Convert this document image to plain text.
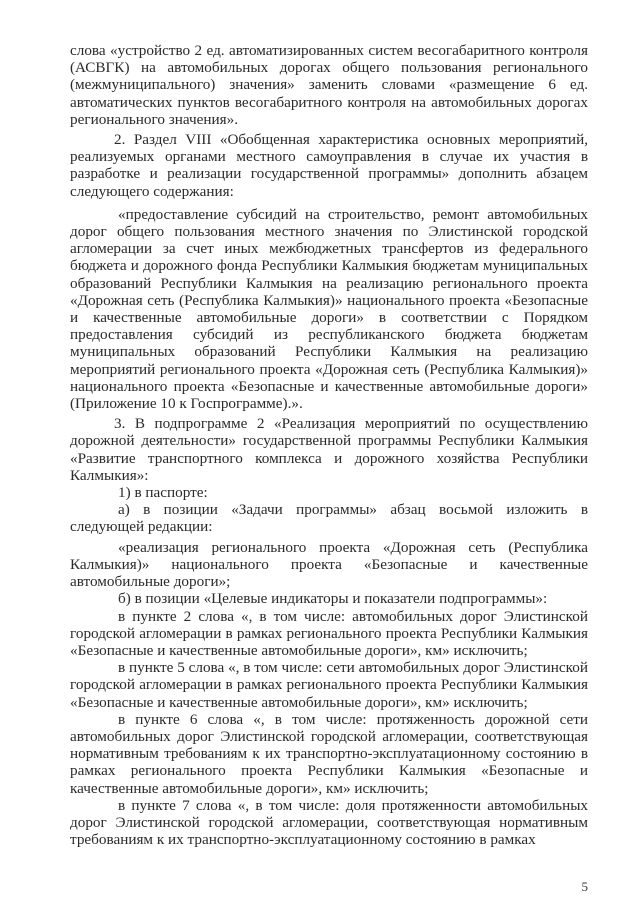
слова «устройство 2 ед. автоматизированных систем весогабаритного контроля (АСВГК) на автомобильных дорогах общего пользования регионального (межмуниципального) значения» заменить словами «размещение 6 ед. автоматических пунктов весогабаритного контроля на автомобильных дорогах регионального значения».

2. Раздел VIII «Обобщенная характеристика основных мероприятий, реализуемых органами местного самоуправления в случае их участия в разработке и реализации государственной программы» дополнить абзацем следующего содержания:

«предоставление субсидий на строительство, ремонт автомобильных дорог общего пользования местного значения по Элистинской городской агломерации за счет иных межбюджетных трансфертов из федерального бюджета и дорожного фонда Республики Калмыкия бюджетам муниципальных образований Республики Калмыкия на реализацию регионального проекта «Дорожная сеть (Республика Калмыкия)» национального проекта «Безопасные и качественные автомобильные дороги» в соответствии с Порядком предоставления субсидий из республиканского бюджета бюджетам муниципальных образований Республики Калмыкия на реализацию мероприятий регионального проекта «Дорожная сеть (Республика Калмыкия)» национального проекта «Безопасные и качественные автомобильные дороги» (Приложение 10 к Госпрограмме).».

3. В подпрограмме 2 «Реализация мероприятий по осуществлению дорожной деятельности» государственной программы Республики Калмыкия «Развитие транспортного комплекса и дорожного хозяйства Республики Калмыкия»:

1) в паспорте:

а) в позиции «Задачи программы» абзац восьмой изложить в следующей редакции:

«реализация регионального проекта «Дорожная сеть (Республика Калмыкия)» национального проекта «Безопасные и качественные автомобильные дороги»;

б) в позиции «Целевые индикаторы и показатели подпрограммы»:

в пункте 2 слова «, в том числе: автомобильных дорог Элистинской городской агломерации в рамках регионального проекта Республики Калмыкия «Безопасные и качественные автомобильные дороги», км» исключить;

в пункте 5 слова «, в том числе: сети автомобильных дорог Элистинской городской агломерации в рамках регионального проекта Республики Калмыкия «Безопасные и качественные автомобильные дороги», км» исключить;

в пункте 6 слова «, в том числе: протяженность дорожной сети автомобильных дорог Элистинской городской агломерации, соответствующая нормативным требованиям к их транспортно-эксплуатационному состоянию в рамках регионального проекта Республики Калмыкия «Безопасные и качественные автомобильные дороги», км» исключить;

в пункте 7 слова «, в том числе: доля протяженности автомобильных дорог Элистинской городской агломерации, соответствующая нормативным требованиям к их транспортно-эксплуатационному состоянию в рамках

5
